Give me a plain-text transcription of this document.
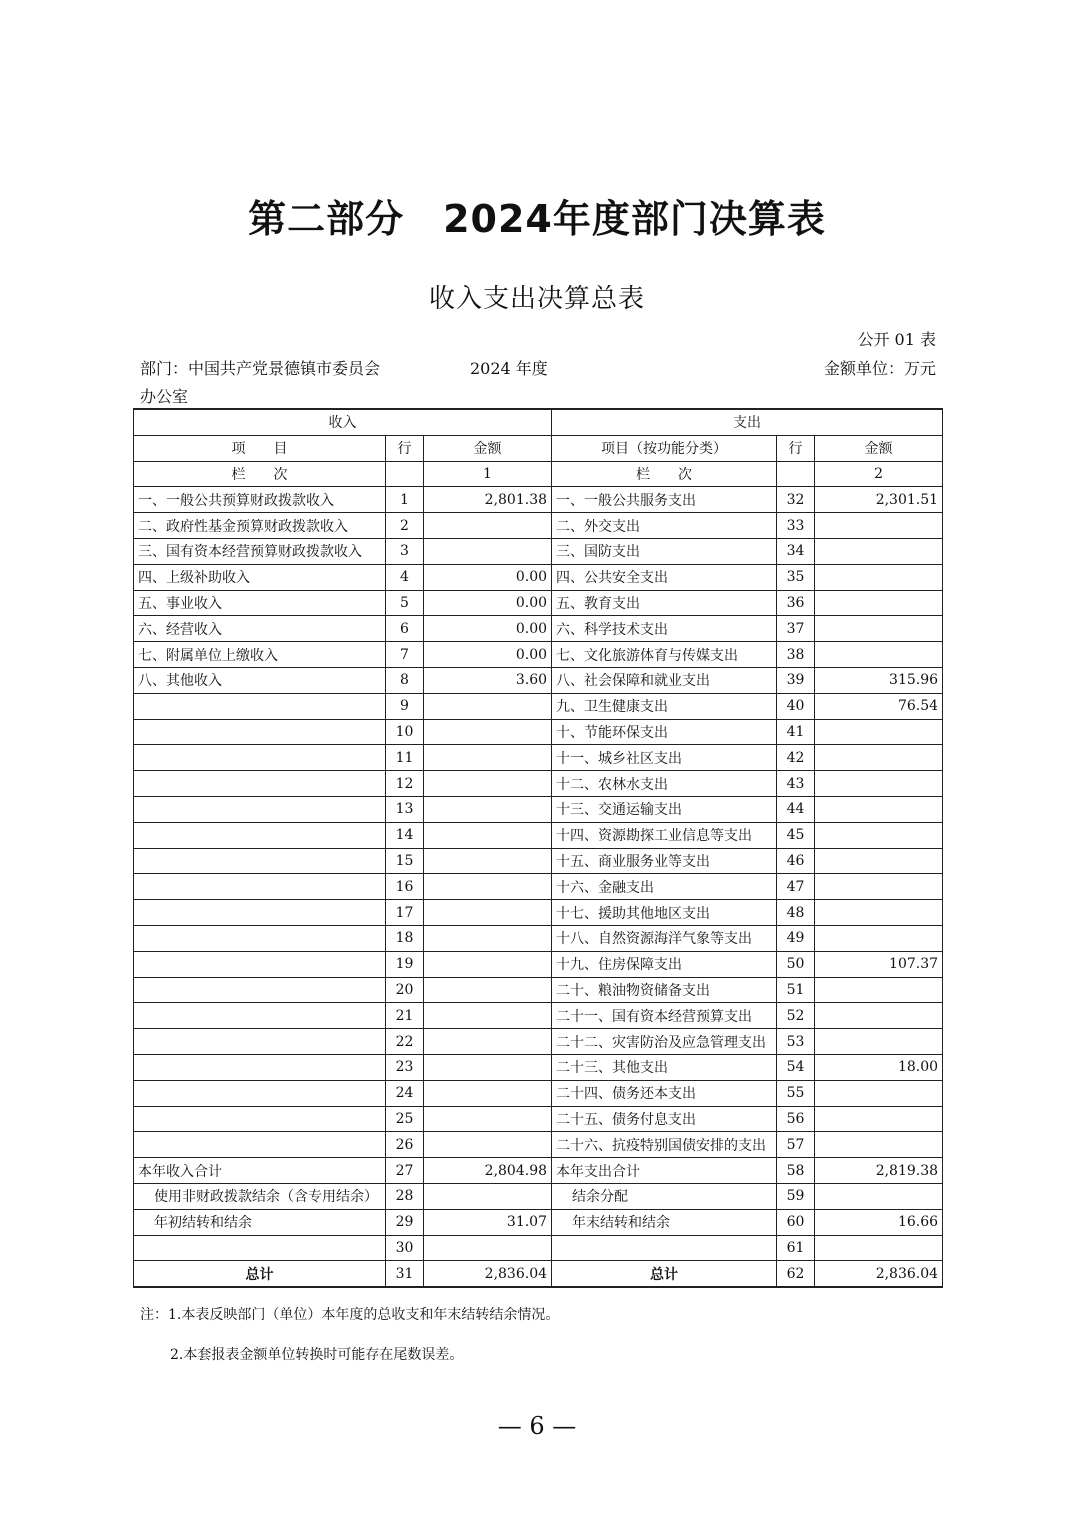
第二部分　2024年度部门决算表
收入支出决算总表
公开 01 表
部门：中国共产党景德镇市委员会	2024 年度	金额单位：万元
办公室
收入			支出		
项　　目	行	金额	项目（按功能分类）	行	金额
栏　　次		1	栏　　次		2
一、一般公共预算财政拨款收入	1	2,801.38	一、一般公共服务支出	32	2,301.51
二、政府性基金预算财政拨款收入	2		二、外交支出	33	
三、国有资本经营预算财政拨款收入	3		三、国防支出	34	
四、上级补助收入	4	0.00	四、公共安全支出	35	
五、事业收入	5	0.00	五、教育支出	36	
六、经营收入	6	0.00	六、科学技术支出	37	
七、附属单位上缴收入	7	0.00	七、文化旅游体育与传媒支出	38	
八、其他收入	8	3.60	八、社会保障和就业支出	39	315.96
	9		九、卫生健康支出	40	76.54
	10		十、节能环保支出	41	
	11		十一、城乡社区支出	42	
	12		十二、农林水支出	43	
	13		十三、交通运输支出	44	
	14		十四、资源勘探工业信息等支出	45	
	15		十五、商业服务业等支出	46	
	16		十六、金融支出	47	
	17		十七、援助其他地区支出	48	
	18		十八、自然资源海洋气象等支出	49	
	19		十九、住房保障支出	50	107.37
	20		二十、粮油物资储备支出	51	
	21		二十一、国有资本经营预算支出	52	
	22		二十二、灾害防治及应急管理支出	53	
	23		二十三、其他支出	54	18.00
	24		二十四、债务还本支出	55	
	25		二十五、债务付息支出	56	
	26		二十六、抗疫特别国债安排的支出	57	
本年收入合计	27	2,804.98	本年支出合计	58	2,819.38
使用非财政拨款结余（含专用结余）	28		结余分配	59	
年初结转和结余	29	31.07	年末结转和结余	60	16.66
	30			61	
总计	31	2,836.04	总计	62	2,836.04
注：1.本表反映部门（单位）本年度的总收支和年末结转结余情况。
2.本套报表金额单位转换时可能存在尾数误差。
— 6 —
